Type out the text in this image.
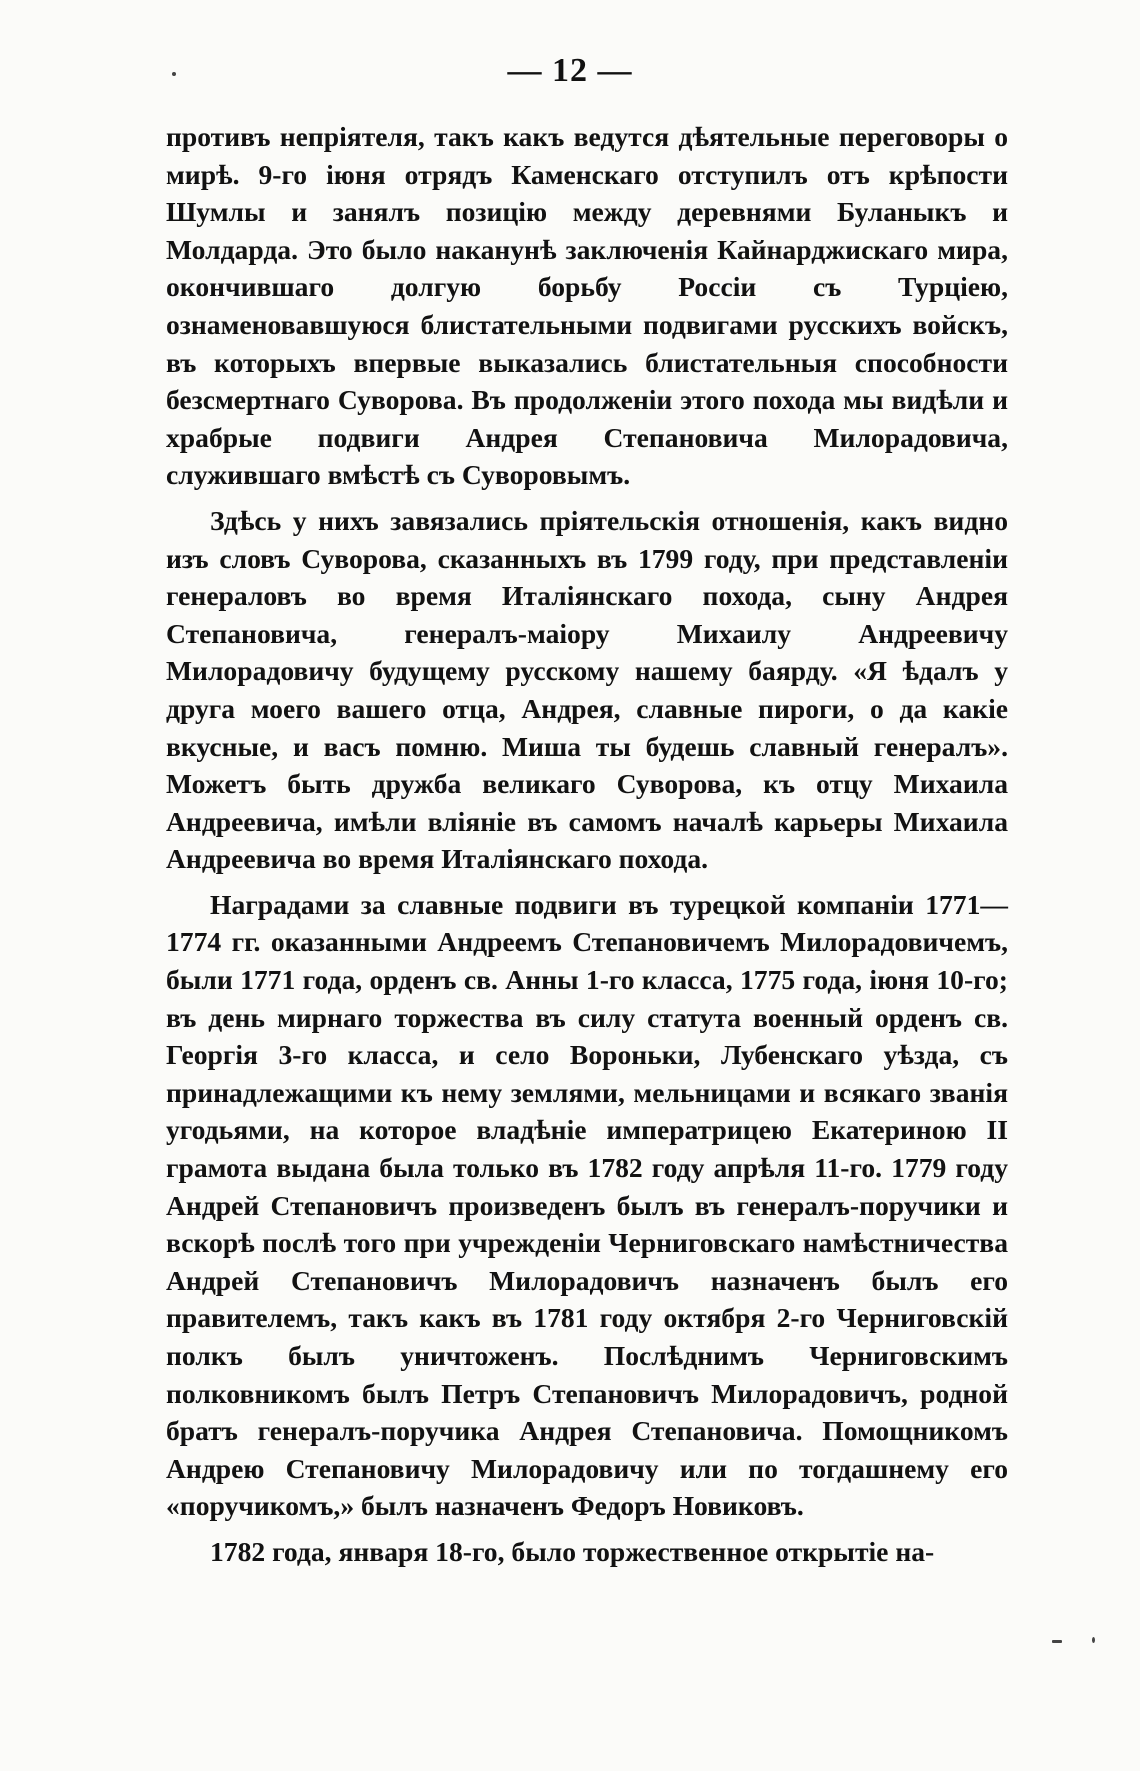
— 12 —

противъ непріятеля, такъ какъ ведутся дѣятельные переговоры о мирѣ. 9-го іюня отрядъ Каменскаго отступилъ отъ крѣпости Шумлы и занялъ позицію между деревнями Буланыкъ и Молдарда. Это было наканунѣ заключенія Кайнарджискаго мира, окончившаго долгую борьбу Россіи съ Турціею, ознаменовавшуюся блистательными подвигами русскихъ войскъ, въ которыхъ впервые выказались блистательныя способности безсмертнаго Суворова. Въ продолженіи этого похода мы видѣли и храбрые подвиги Андрея Степановича Милорадовича, служившаго вмѣстѣ съ Суворовымъ.

Здѣсь у нихъ завязались пріятельскія отношенія, какъ видно изъ словъ Суворова, сказанныхъ въ 1799 году, при представленіи генераловъ во время Италіянскаго похода, сыну Андрея Степановича, генералъ-маіору Михаилу Андреевичу Милорадовичу будущему русскому нашему баярду. «Я ѣдалъ у друга моего вашего отца, Андрея, славные пироги, о да какіе вкусные, и васъ помню. Миша ты будешь славный генералъ». Можетъ быть дружба великаго Суворова, къ отцу Михаила Андреевича, имѣли вліяніе въ самомъ началѣ карьеры Михаила Андреевича во время Италіянскаго похода.

Наградами за славные подвиги въ турецкой компаніи 1771—1774 гг. оказанными Андреемъ Степановичемъ Милорадовичемъ, были 1771 года, орденъ св. Анны 1-го класса, 1775 года, іюня 10-го; въ день мирнаго торжества въ силу статута военный орденъ св. Георгія 3-го класса, и село Вороньки, Лубенскаго уѣзда, съ принадлежащими къ нему землями, мельницами и всякаго званія угодьями, на которое владѣніе императрицею Екатериною II грамота выдана была только въ 1782 году апрѣля 11-го. 1779 году Андрей Степановичъ произведенъ былъ въ генералъ-поручики и вскорѣ послѣ того при учрежденіи Черниговскаго намѣстничества Андрей Степановичъ Милорадовичъ назначенъ былъ его правителемъ, такъ какъ въ 1781 году октября 2-го Черниговскій полкъ былъ уничтоженъ. Послѣднимъ Черниговскимъ полковникомъ былъ Петръ Степановичъ Милорадовичъ, родной братъ генералъ-поручика Андрея Степановича. Помощникомъ Андрею Степановичу Милорадовичу или по тогдашнему его «поручикомъ,» былъ назначенъ Федоръ Новиковъ.

1782 года, января 18-го, было торжественное открытіе на-
